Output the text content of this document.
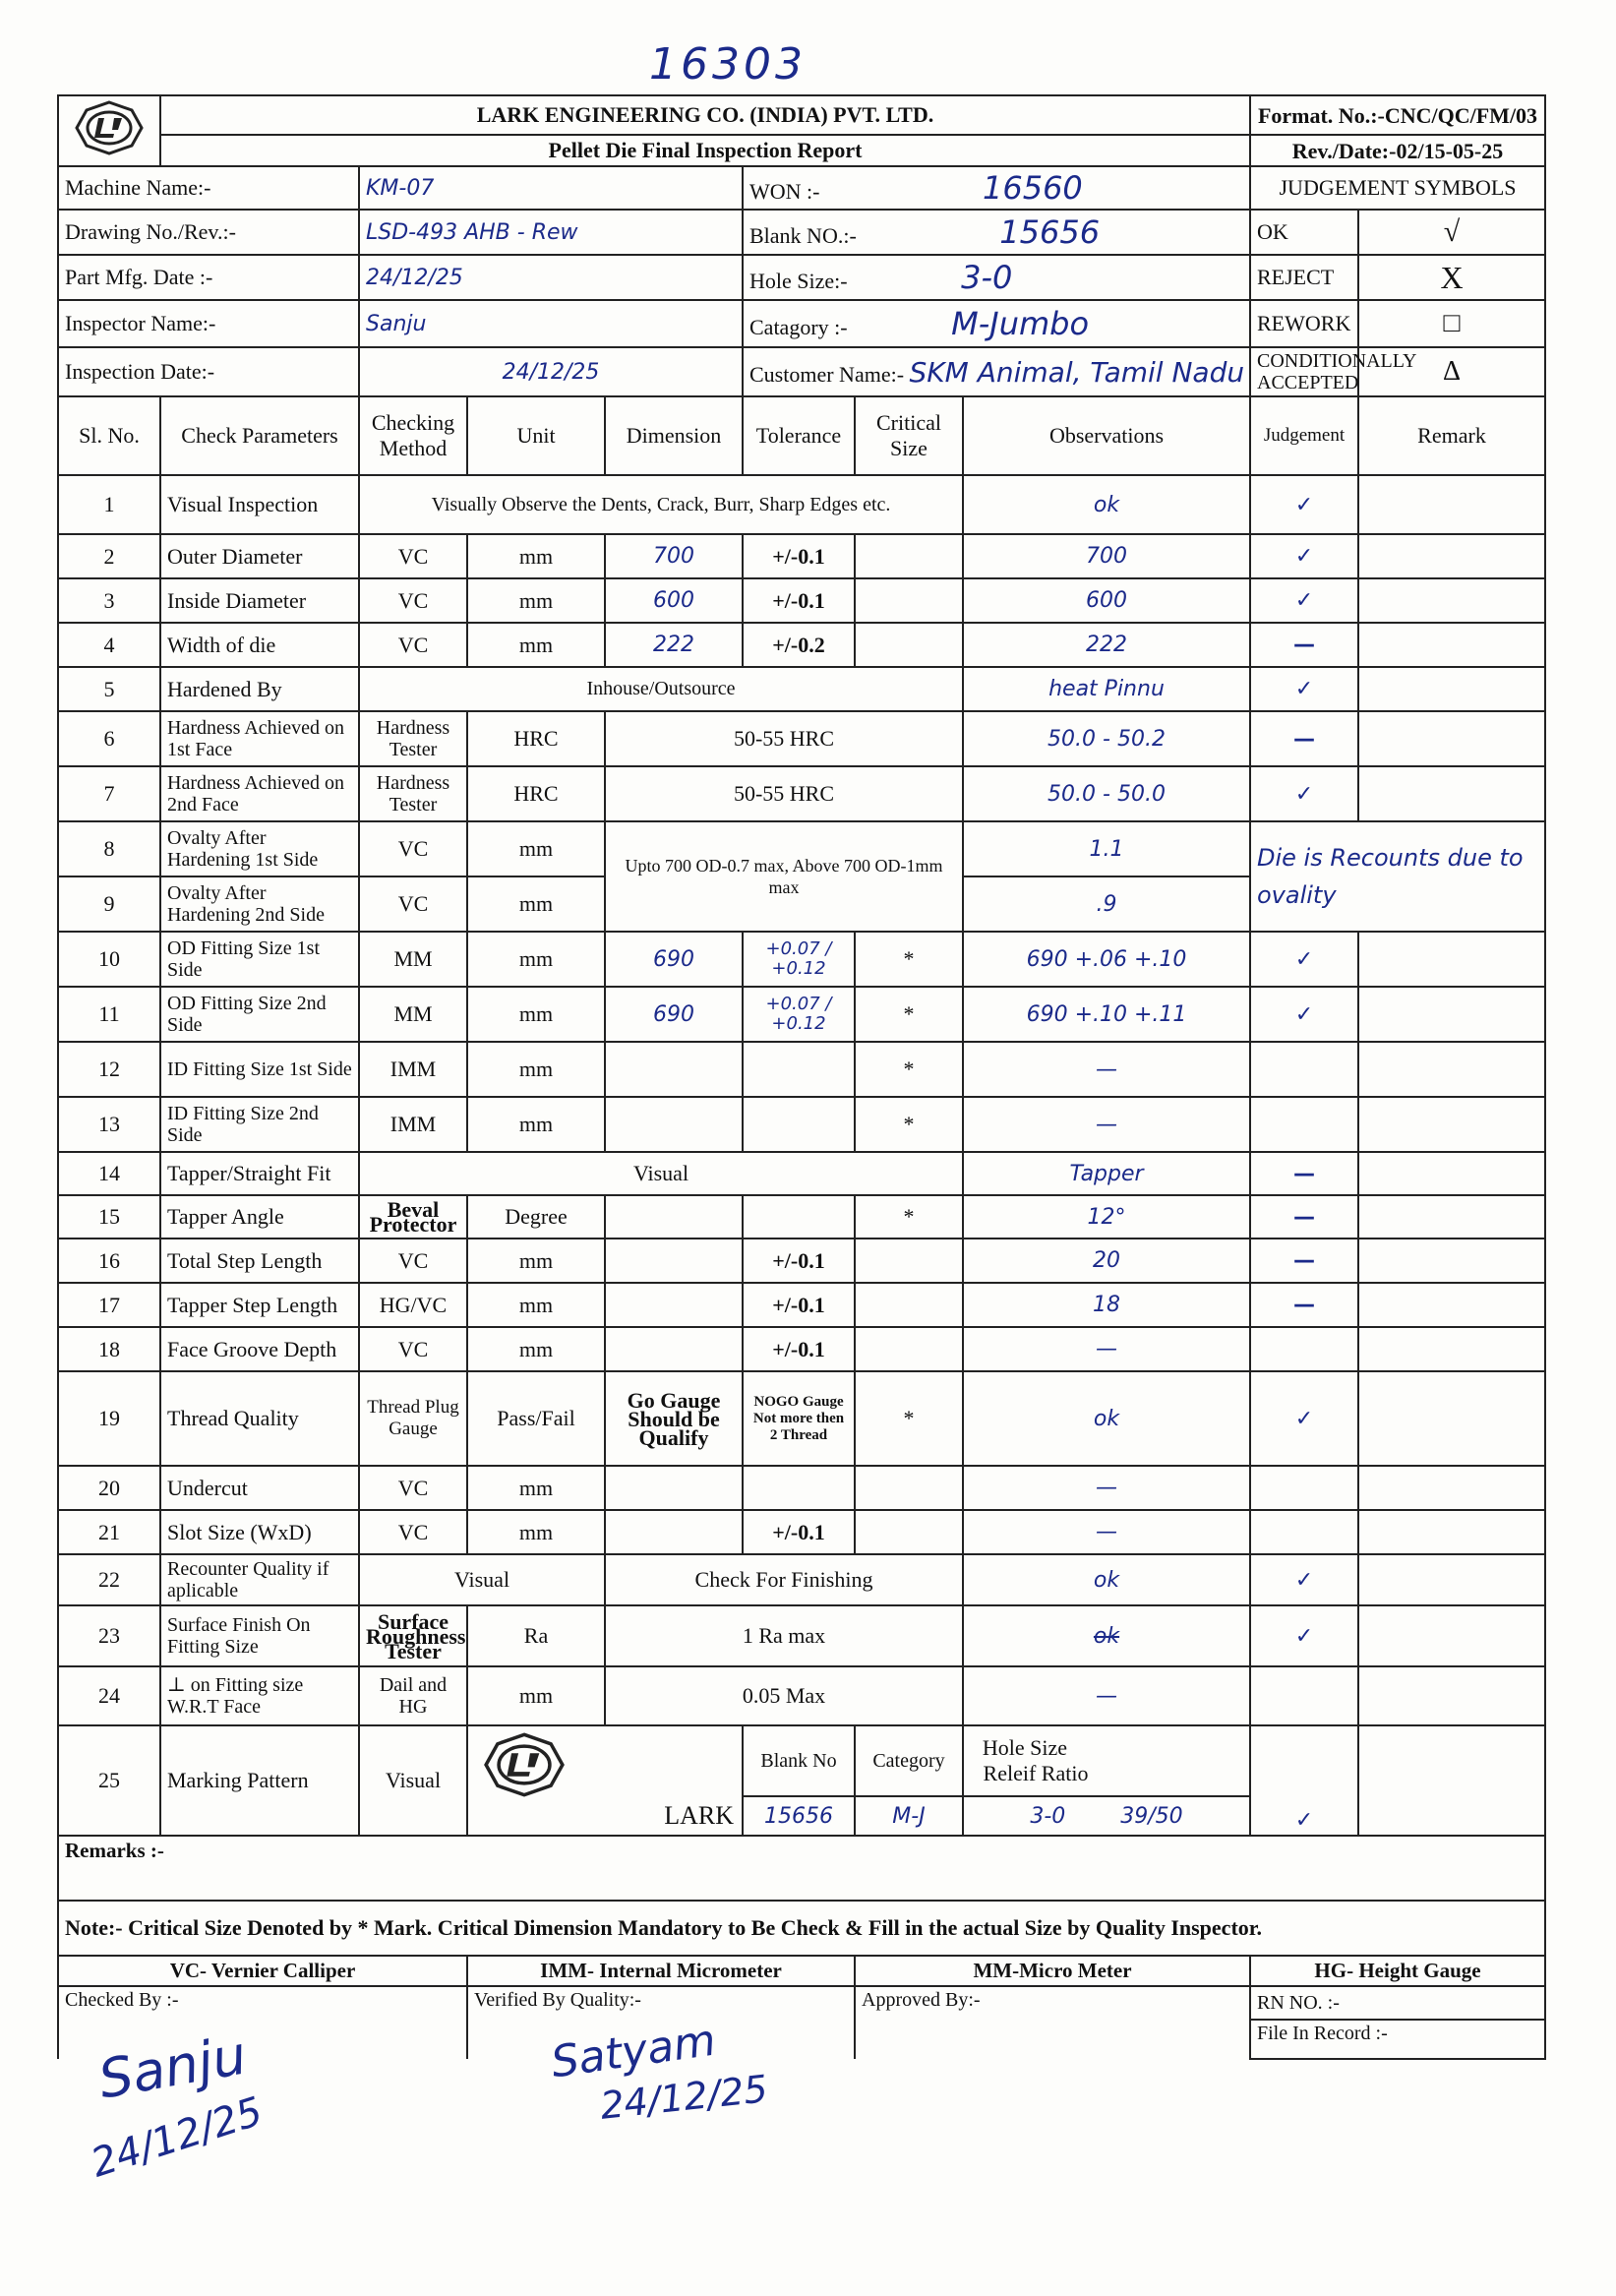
16303
	LARK ENGINEERING CO. (INDIA) PVT. LTD.							Format. No.:-CNC/QC/FM/03	
	Pellet Die Final Inspection Report							Rev./Date:-02/15-05-25	
Machine Name:-		KM-07			WON :- 16560			JUDGEMENT SYMBOLS	
Drawing No./Rev.:-		LSD-493 AHB - Rew			Blank NO.:- 15656			OK	√
Part Mfg. Date :-		24/12/25			Hole Size:- 3-0			REJECT	X
Inspector Name:-		Sanju			Catagory :- M-Jumbo			REWORK	□
Inspection Date:-		24/12/25			Customer Name:- SKM Animal, Tamil Nadu			CONDITIONALLY ACCEPTED	Δ
Sl. No.	Check Parameters	Checking Method	Unit	Dimension	Tolerance	Critical Size	Observations	Judgement	Remark
1	Visual Inspection	Visually Observe the Dents, Crack, Burr, Sharp Edges etc.					ok	✓	
2	Outer Diameter	VC	mm	700	+/-0.1		700	✓	
3	Inside Diameter	VC	mm	600	+/-0.1		600	✓	
4	Width of die	VC	mm	222	+/-0.2		222	—	
5	Hardened By	Inhouse/Outsource					heat Pinnu	✓	
6	Hardness Achieved on 1st Face	Hardness Tester	HRC	50-55 HRC			50.0 - 50.2	—	
7	Hardness Achieved on 2nd Face	Hardness Tester	HRC	50-55 HRC			50.0 - 50.0	✓	
8	Ovalty After Hardening 1st Side	VC	mm	Upto 700 OD-0.7 max, Above 700 OD-1mm max			1.1	Die is Recounts due to ovality	
9	Ovalty After Hardening 2nd Side	VC	mm				.9		
10	OD Fitting Size 1st Side	MM	mm	690	+0.07 / +0.12	*	690 +.06 +.10	✓	
11	OD Fitting Size 2nd Side	MM	mm	690	+0.07 / +0.12	*	690 +.10 +.11	✓	
12	ID Fitting Size 1st Side	IMM	mm			*	—		
13	ID Fitting Size 2nd Side	IMM	mm			*	—		
14	Tapper/Straight Fit	Visual					Tapper	—	
15	Tapper Angle	Beval Protector	Degree			*	12°	—	
16	Total Step Length	VC	mm		+/-0.1		20	—	
17	Tapper Step Length	HG/VC	mm		+/-0.1		18	—	
18	Face Groove Depth	VC	mm		+/-0.1		—		
19	Thread Quality	Thread Plug Gauge	Pass/Fail	Go Gauge Should be Qualify	NOGO Gauge Not more then 2 Thread	*	ok	✓	
20	Undercut	VC	mm				—		
21	Slot Size (WxD)	VC	mm		+/-0.1		—		
22	Recounter Quality if aplicable	Visual		Check For Finishing			ok	✓	
23	Surface Finish On Fitting Size	Surface Roughness Tester	Ra	1 Ra max			ok	✓	
24	⊥ on Fitting size W.R.T Face	Dail and HG	mm	0.05 Max			—		
25	Marking Pattern	Visual	LARK		Blank No	Category	Hole Size     Releif Ratio	✓	
					15656	M-J	3-0 39/50		
Remarks :-									
Note:- Critical Size Denoted by * Mark. Critical Dimension Mandatory to Be Check & Fill in the actual Size by Quality Inspector.									
VC- Vernier Calliper			IMM- Internal Micrometer			MM-Micro Meter		HG- Height Gauge	
Checked By :-			Verified By Quality:-			Approved By:-		RN NO. :-	
								File In Record :-	
Sanju
24/12/25
Satyam
24/12/25
